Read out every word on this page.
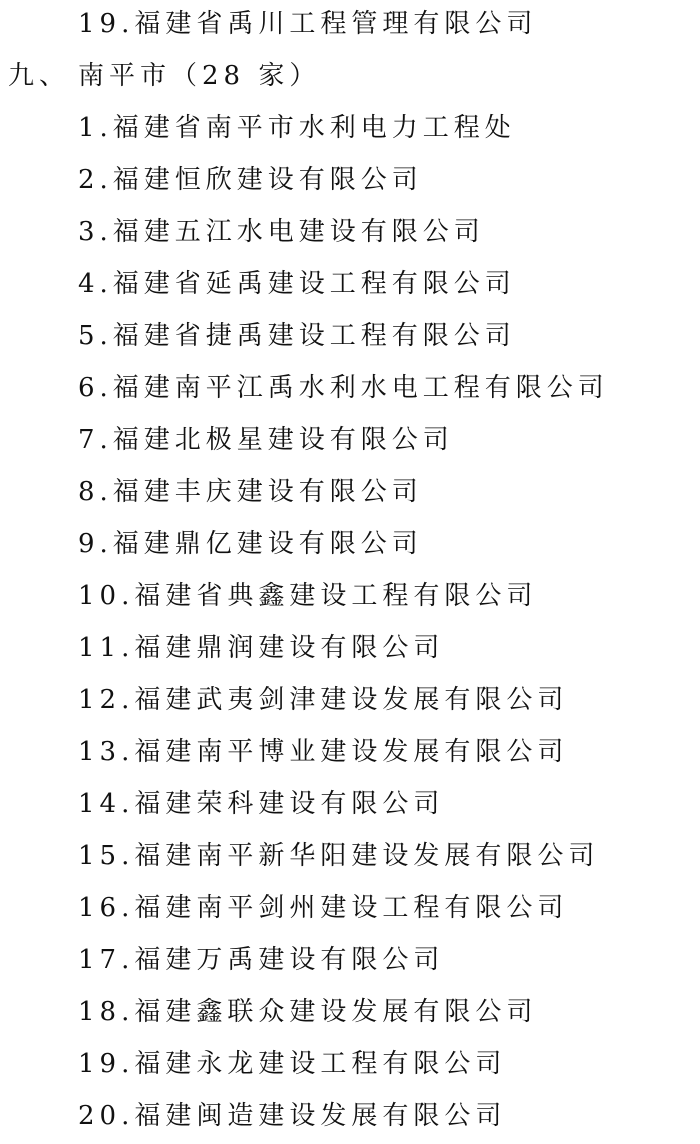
19.福建省禹川工程管理有限公司
九、 南平市（28 家）
1.福建省南平市水利电力工程处
2.福建恒欣建设有限公司
3.福建五江水电建设有限公司
4.福建省延禹建设工程有限公司
5.福建省捷禹建设工程有限公司
6.福建南平江禹水利水电工程有限公司
7.福建北极星建设有限公司
8.福建丰庆建设有限公司
9.福建鼎亿建设有限公司
10.福建省典鑫建设工程有限公司
11.福建鼎润建设有限公司
12.福建武夷剑津建设发展有限公司
13.福建南平博业建设发展有限公司
14.福建荣科建设有限公司
15.福建南平新华阳建设发展有限公司
16.福建南平剑州建设工程有限公司
17.福建万禹建设有限公司
18.福建鑫联众建设发展有限公司
19.福建永龙建设工程有限公司
20.福建闽造建设发展有限公司
